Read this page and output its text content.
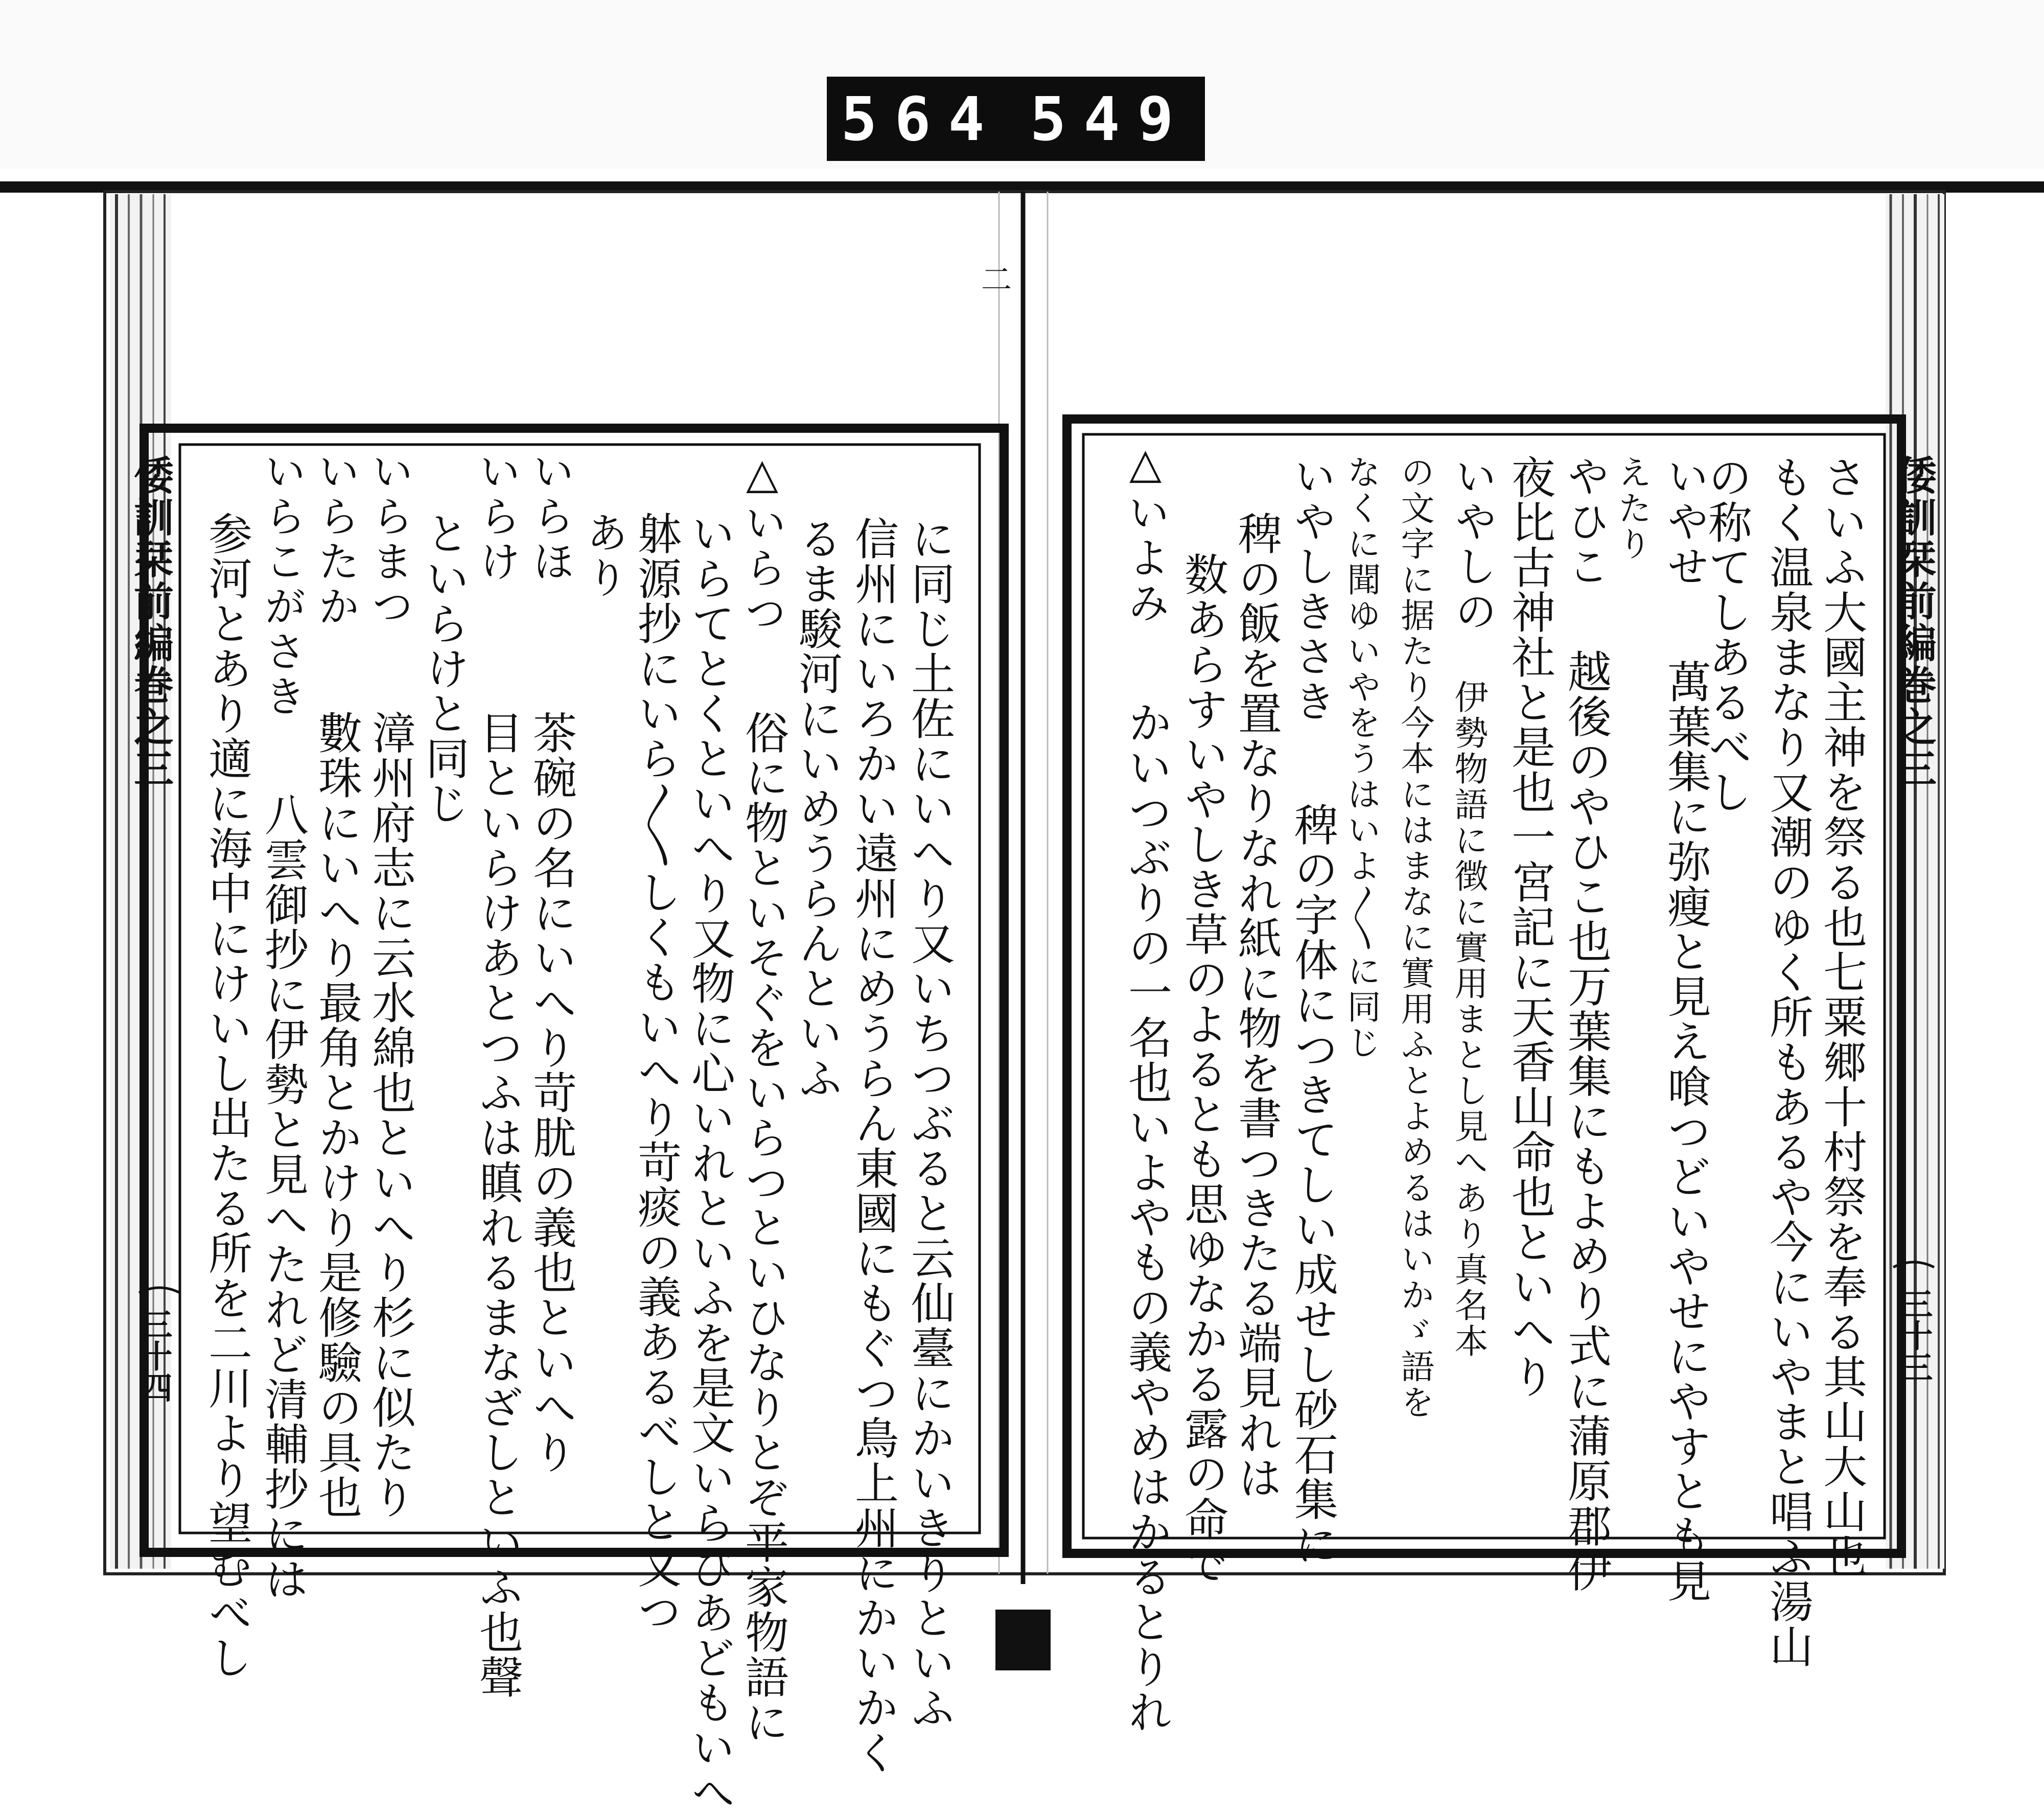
564 549
二
倭訓栞前編巻之三
三十四
倭訓栞前編巻之三
三十三
さいふ大國主神を祭る也七粟郷十村祭を奉る其山大山也
もく温泉まなり又潮のゆく所もあるや今にいやまと唱ふ湯山
の称てしあるべし
いやせ
萬葉集に弥瘦と見え喰つどいやせにやすとも見
えたり
やひこ
越後のやひこ也万葉集にもよめり式に蒲原郡伊
夜比古神社と是也一宮記に天香山命也といへり
いやしの
伊勢物語に徴に實用まとし見へあり真名本
の文字に据たり今本にはまなに實用ふとよめるはいかゞ語を
なくに聞ゆいやをうはいよ〳〵に同じ
いやしきさき
稗の字体につきてしい成せし砂石集に
稗の飯を置なりなれ紙に物を書つきたる端見れは
数あらすいやしき草のよるとも思ゆなかる露の命で
△いよみ
かいつぶりの一名也いよやもの義やめはかるとりれ
に同じ土佐にいへり又いちつぶると云仙臺にかいきりといふ
信州にいろかい遠州にめうらん東國にもぐつ鳥上州にかいかく
るま駿河にいめうらんといふ
△いらつ
俗に物といそぐをいらつといひなりとぞ平家物語に
いらてとくといへり又物に心いれといふを是文いらびあどもいへ
躰源抄にいら〳〵しくもいへり苛痰の義あるべしと又つ
あり
いらほ
茶碗の名にいへり苛肬の義也といへり
いらけ
目といらけあとつふは瞋れるまなざしといふ也聲
といらけと同じ
いらまつ
漳州府志に云水綿也といへり杉に似たり
いらたか
數珠にいへり最角とかけり是修驗の具也
いらこがさき
八雲御抄に伊勢と見へたれど清輔抄には
参河とあり適に海中にけいし出たる所を二川より望むべし
